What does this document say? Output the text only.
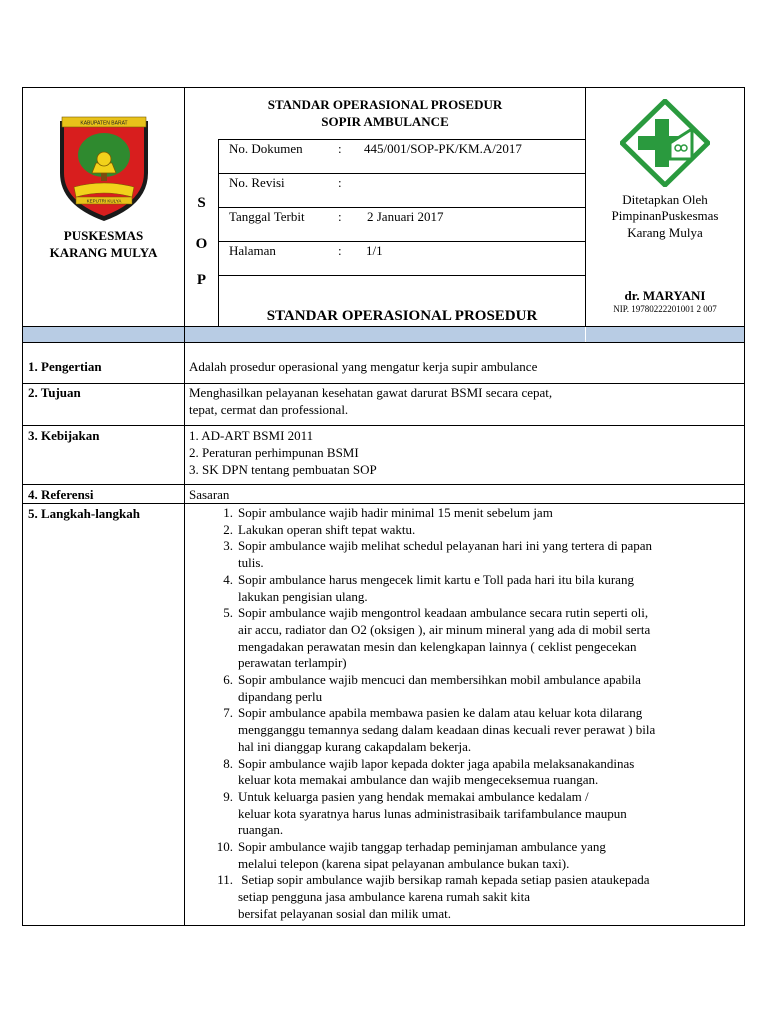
KABUPATEN BARAT
KEPUTRI KULYA
PUSKESMAS
KARANG MULYA
STANDAR OPERASIONAL PROSEDUR
SOPIR AMBULANCE
S
O
P
No. Dokumen	: 445/001/SOP-PK/KM.A/2017
No. Revisi	:
Tanggal Terbit	: 2 Januari 2017
Halaman	: 1/1
STANDAR OPERASIONAL PROSEDUR
Ditetapkan Oleh
PimpinanPuskesmas
Karang Mulya
dr. MARYANI
NIP. 19780222201001 2 007
1. Pengertian	Adalah prosedur operasional yang mengatur kerja supir ambulance
2. Tujuan	Menghasilkan pelayanan kesehatan gawat darurat BSMI secara cepat,
tepat, cermat dan professional.
3. Kebijakan	1. AD-ART BSMI 2011
2. Peraturan perhimpunan BSMI
3. SK DPN tentang pembuatan SOP
4. Referensi	Sasaran
5. Langkah-langkah	1. Sopir ambulance wajib hadir minimal 15 menit sebelum jam
2. Lakukan operan shift tepat waktu.
3. Sopir ambulance wajib melihat schedul pelayanan hari ini yang tertera di papan
tulis.
4. Sopir ambulance harus mengecek limit kartu e Toll pada hari itu bila kurang
lakukan pengisian ulang.
5. Sopir ambulance wajib mengontrol keadaan ambulance secara rutin seperti oli,
air accu, radiator dan O2 (oksigen ), air minum mineral yang ada di mobil serta
mengadakan perawatan mesin dan kelengkapan lainnya ( ceklist pengecekan
perawatan terlampir)
6. Sopir ambulance wajib mencuci dan membersihkan mobil ambulance apabila
dipandang perlu
7. Sopir ambulance apabila membawa pasien ke dalam atau keluar kota dilarang
mengganggu temannya sedang dalam keadaan dinas kecuali rever perawat ) bila
hal ini dianggap kurang cakapdalam bekerja.
8. Sopir ambulance wajib lapor kepada dokter jaga apabila melaksanakandinas
keluar kota memakai ambulance dan wajib mengeceksemua ruangan.
9. Untuk keluarga pasien yang hendak memakai ambulance kedalam /
keluar kota syaratnya harus lunas administrasibaik tarifambulance maupun
ruangan.
10. Sopir ambulance wajib tanggap terhadap peminjaman ambulance yang
melalui telepon (karena sipat pelayanan ambulance bukan taxi).
11. Setiap sopir ambulance wajib bersikap ramah kepada setiap pasien ataukepada
setiap pengguna jasa ambulance karena rumah sakit kita
bersifat pelayanan sosial dan milik umat.
